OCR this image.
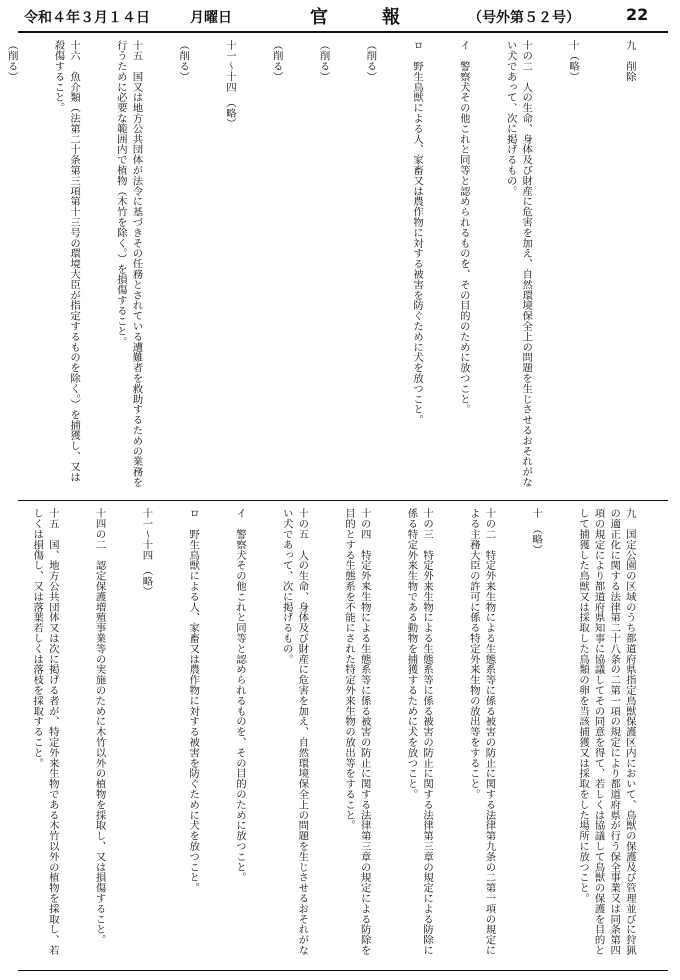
令和４年３月１４日	月曜日	官　報	（号外第５２号）	22

九　削除

十（略）

十の二　人の生命、身体及び財産に危害を加え、自然環境保全上の問題を生じさせるおそれがない犬であって、次に掲げるもの。

イ　警察犬その他これと同等と認められるものを、その目的のために放つこと。

ロ　野生鳥獣による人、家畜又は農作物に対する被害を防ぐために犬を放つこと。

（削る）

（削る）

（削る）

十一～十四　（略）

（削る）

十五　国又は地方公共団体が法令に基づきその任務とされている遭難者を救助するための業務を行うために必要な範囲内で植物（木竹を除く。）を損傷すること。

十六　魚介類（法第二十条第三項第十三号の環境大臣が指定するものを除く。）を捕獲し、又は殺傷すること。

（削る）

九　国定公園の区域のうち都道府県指定鳥獣保護区内において、鳥獣の保護及び管理並びに狩猟の適正化に関する法律第二十八条の二第一項の規定により都道府県が行う保全事業又は同条第四項の規定により都道府県知事に協議してその同意を得て、若しくは協議して鳥獣の保護を目的として捕獲した鳥獣又は採取した鳥類の卵を当該捕獲又は採取をした場所に放つこと。

十　（略）

十の二　特定外来生物による生態系等に係る被害の防止に関する法律第九条の二第一項の規定による主務大臣の許可に係る特定外来生物の放出等をすること。

十の三　特定外来生物による生態系等に係る被害の防止に関する法律第三章の規定による防除に係る特定外来生物である動物を捕獲するために犬を放つこと。

十の四　特定外来生物による生態系等に係る被害の防止に関する法律第三章の規定による防除を目的とする生態系を不能にされた特定外来生物の放出等をすること。

十の五　人の生命、身体及び財産に危害を加え、自然環境保全上の問題を生じさせるおそれがない犬であって、次に掲げるもの。

イ　警察犬その他これと同等と認められるものを、その目的のために放つこと。

ロ　野生鳥獣による人、家畜又は農作物に対する被害を防ぐために犬を放つこと。

十一～十四　（略）

十四の二　認定保護増殖事業等の実施のために木竹以外の植物を採取し、又は損傷すること。

十五　国、地方公共団体又は次に掲げる者が、特定外来生物である木竹以外の植物を採取し、若しくは損傷し、又は落葉若しくは落枝を採取すること。
